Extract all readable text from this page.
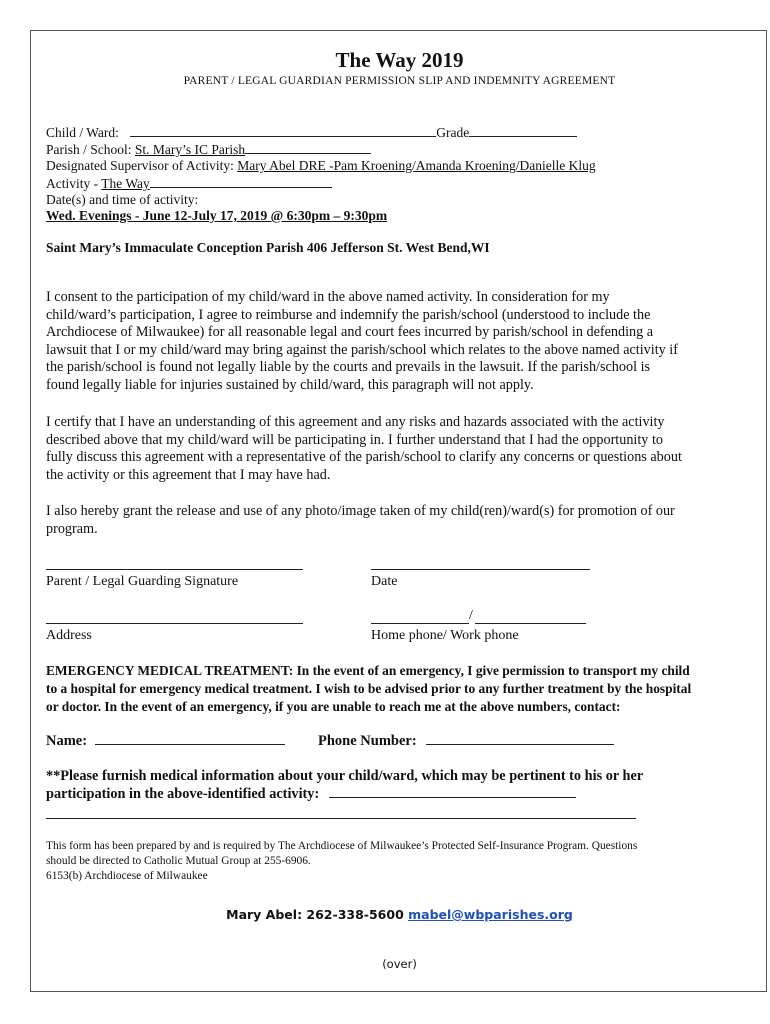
The Way 2019
PARENT / LEGAL GUARDIAN PERMISSION SLIP AND INDEMNITY AGREEMENT
Child / Ward:	Grade
Parish / School: St. Mary’s IC Parish
Designated Supervisor of Activity: Mary Abel DRE -Pam Kroening/Amanda Kroening/Danielle Klug
Activity - The Way
Date(s) and time of activity:
Wed. Evenings - June 12-July 17, 2019 @ 6:30pm – 9:30pm
Saint Mary’s Immaculate Conception Parish 406 Jefferson St. West Bend,WI
I consent to the participation of my child/ward in the above named activity. In consideration for my
child/ward’s participation, I agree to reimburse and indemnify the parish/school (understood to include the
Archdiocese of Milwaukee) for all reasonable legal and court fees incurred by parish/school in defending a
lawsuit that I or my child/ward may bring against the parish/school which relates to the above named activity if
the parish/school is found not legally liable by the courts and prevails in the lawsuit. If the parish/school is
found legally liable for injuries sustained by child/ward, this paragraph will not apply.
I certify that I have an understanding of this agreement and any risks and hazards associated with the activity
described above that my child/ward will be participating in. I further understand that I had the opportunity to
fully discuss this agreement with a representative of the parish/school to clarify any concerns or questions about
the activity or this agreement that I may have had.
I also hereby grant the release and use of any photo/image taken of my child(ren)/ward(s) for promotion of our
program.
Parent / Legal Guarding Signature	Date
/
Address	Home phone/ Work phone
EMERGENCY MEDICAL TREATMENT: In the event of an emergency, I give permission to transport my child
to a hospital for emergency medical treatment. I wish to be advised prior to any further treatment by the hospital
or doctor. In the event of an emergency, if you are unable to reach me at the above numbers, contact:
Name:	Phone Number:
**Please furnish medical information about your child/ward, which may be pertinent to his or her
participation in the above-identified activity:
This form has been prepared by and is required by The Archdiocese of Milwaukee’s Protected Self-Insurance Program. Questions
should be directed to Catholic Mutual Group at 255-6906.
6153(b) Archdiocese of Milwaukee
Mary Abel: 262-338-5600 mabel@wbparishes.org
(over)
